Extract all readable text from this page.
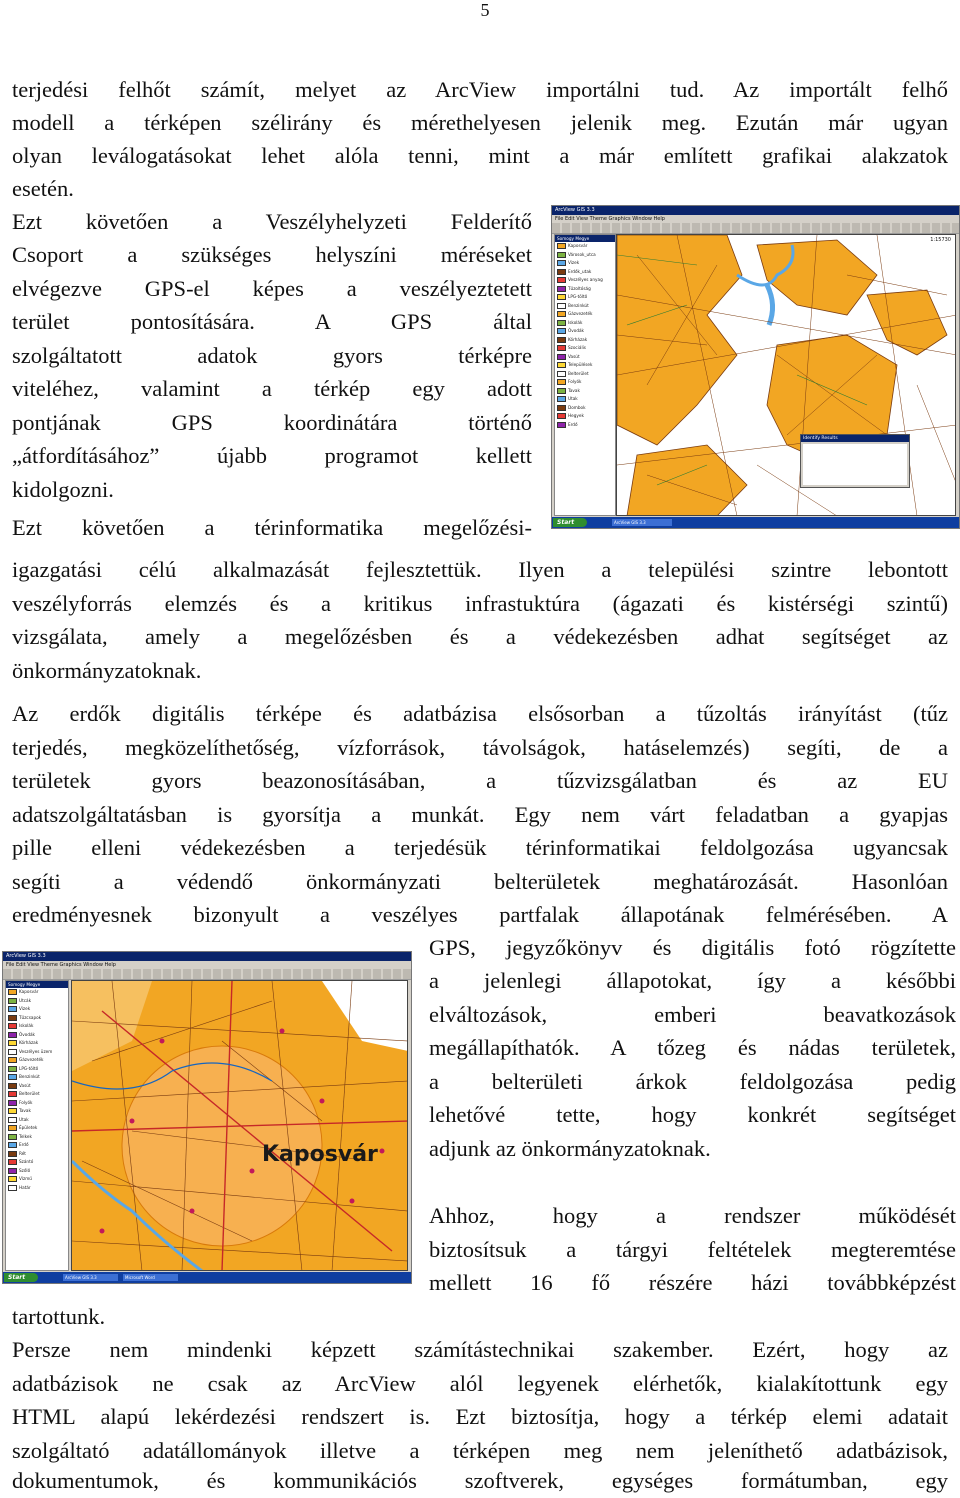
5
terjedési felhőt számít, melyet az ArcView importálni tud. Az importált felhő
modell a térképen szélirány és mérethelyesen jelenik meg. Ezután már ugyan
olyan leválogatásokat lehet alóla tenni, mint a már említett grafikai alakzatok
esetén.
Ezt követően a Veszélyhelyzeti Felderítő
Csoport a szükséges helyszíni méréseket
elvégezve GPS-el képes a veszélyeztetett
terület pontosítására. A GPS által
szolgáltatott adatok gyors térképre
viteléhez, valamint a térkép egy adott
pontjának GPS koordinátára történő
„átfordításához” újabb programot kellett
kidolgozni.
Ezt követően a térinformatika megelőzési-
ArcView GIS 3.3
File Edit View Theme Graphics Window Help
Somogy Megye
Kaposvár
Városok_utca
Vizek
Erdők_utak
Veszélyes anyag
Tűzoltóság
LPG-töltő
Benzinkút
Gázvezeték
Iskolák
Óvodák
Kórházak
Szociális
Vasút
Települések
Belterület
Folyók
Tavak
Utak
Dombok
Hegyek
Erdő
1:15730
Identify Results
Start	ArcView GIS 3.3
igazgatási célú alkalmazását fejlesztettük. Ilyen a települési szintre lebontott
veszélyforrás elemzés és a kritikus infrastuktúra (ágazati és kistérségi szintű)
vizsgálata, amely a megelőzésben és a védekezésben adhat segítséget az
önkormányzatoknak.
Az erdők digitális térképe és adatbázisa elsősorban a tűzoltás irányítást (tűz
terjedés, megközelíthetőség, vízforrások, távolságok, hatáselemzés) segíti, de a
területek gyors beazonosításában, a tűzvizsgálatban és az EU
adatszolgáltatásban is gyorsítja a munkát. Egy nem várt feladatban a gyapjas
pille elleni védekezésben a terjedésük térinformatikai feldolgozása ugyancsak
segíti a védendő önkormányzati belterületek meghatározását. Hasonlóan
eredményesnek bizonyult a veszélyes partfalak állapotának felmérésében. A
ArcView GIS 3.3
File Edit View Theme Graphics Window Help
Somogy Megye
Kaposvár
Utcák
Vizek
Tűzcsapok
Iskolák
Óvodák
Kórházak
Veszélyes üzem
Gázvezeték
LPG-töltő
Benzinkút
Vasút
Belterület
Folyók
Tavak
Utak
Épületek
Telkek
Erdő
Rét
Szántó
Szőlő
Vízmű
Határ
Kaposvár
Start	ArcView GIS 3.3	Microsoft Word
GPS, jegyzőkönyv és digitális fotó rögzítette
a jelenlegi állapotokat, így a későbbi
elváltozások, emberi beavatkozások
megállapíthatók. A tőzeg és nádas területek,
a belterületi árkok feldolgozása pedig
lehetővé tette, hogy konkrét segítséget
adjunk az önkormányzatoknak.
Ahhoz, hogy a rendszer működését
biztosítsuk a tárgyi feltételek megteremtése
mellett 16 fő részére házi továbbképzést
tartottunk.
Persze nem mindenki képzett számítástechnikai szakember. Ezért, hogy az
adatbázisok ne csak az ArcView alól legyenek elérhetők, kialakítottunk egy
HTML alapú lekérdezési rendszert is. Ezt biztosítja, hogy a térkép elemi adatait
szolgáltató adatállományok illetve a térképen meg nem jeleníthető adatbázisok,
dokumentumok, és kommunikációs szoftverek, egységes formátumban, egy
